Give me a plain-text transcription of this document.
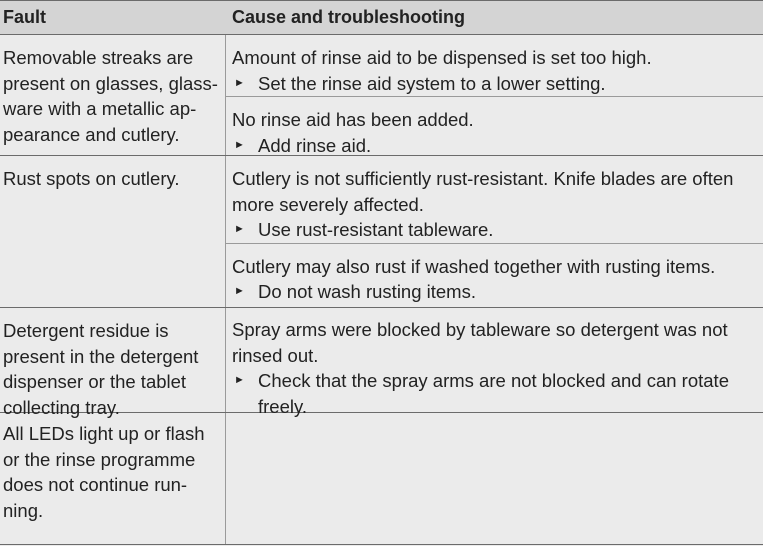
Fault	Cause and troubleshooting
Removable streaks are
present on glasses, glass-
ware with a metallic ap-
pearance and cutlery.
Amount of rinse aid to be dispensed is set too high.
► Set the rinse aid system to a lower setting.
No rinse aid has been added.
► Add rinse aid.
Rust spots on cutlery.	Cutlery is not sufficiently rust-resistant. Knife blades are often
more severely affected.
► Use rust-resistant tableware.
Cutlery may also rust if washed together with rusting items.
► Do not wash rusting items.
Detergent residue is
present in the detergent
dispenser or the tablet
collecting tray.
Spray arms were blocked by tableware so detergent was not
rinsed out.
► Check that the spray arms are not blocked and can rotate
freely.
All LEDs light up or flash
or the rinse programme
does not continue run-
ning.
